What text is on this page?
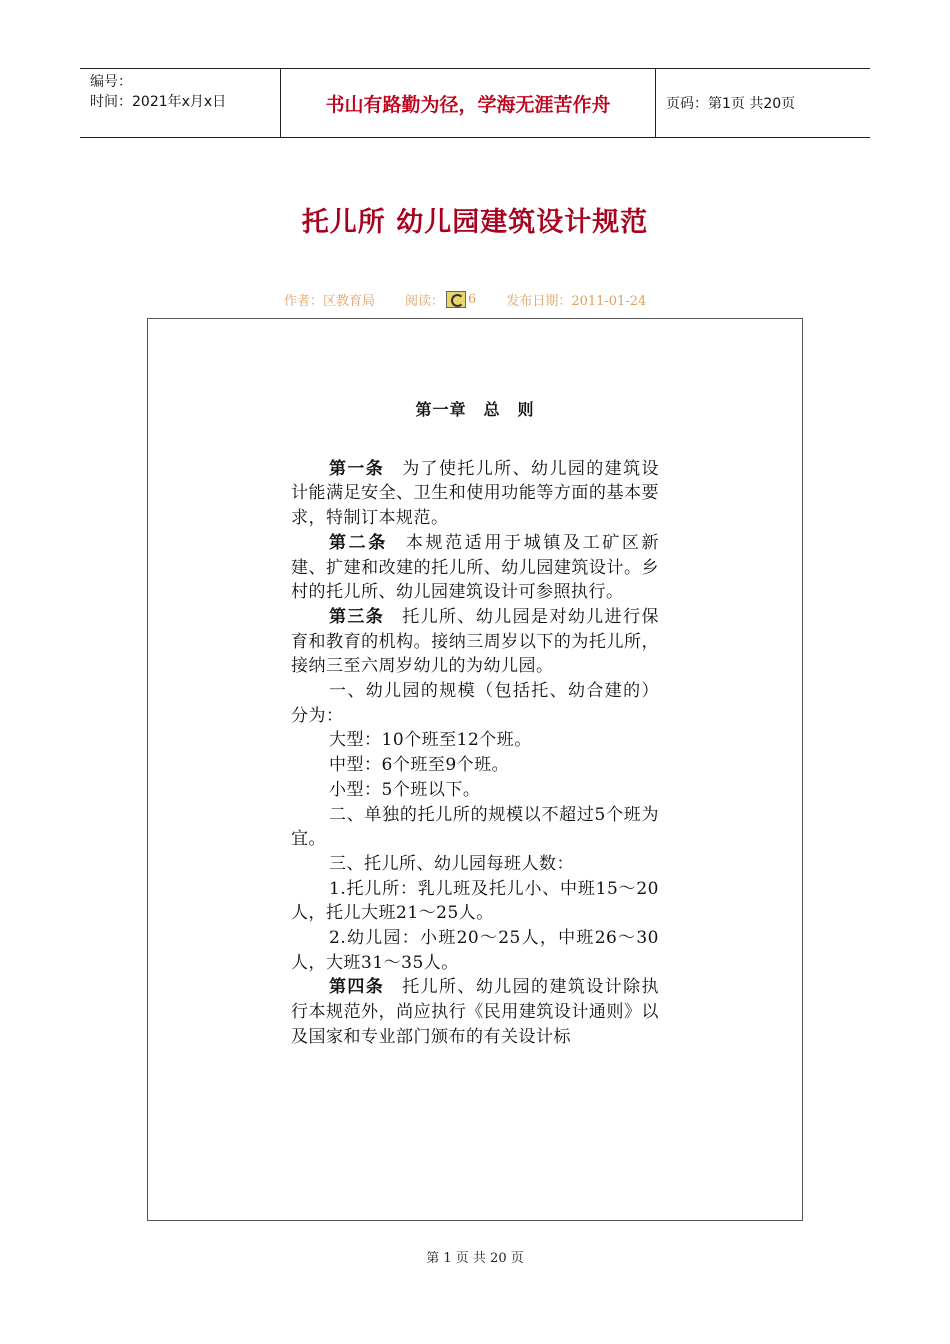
编号：
时间：2021年x月x日	书山有路勤为径，学海无涯苦作舟	页码：第1页 共20页
托儿所 幼儿园建筑设计规范
作者：区教育局 阅读： 6 发布日期：2011-01-24
第一章　总　则

第一条 为了使托儿所、幼儿园的建筑设计能满足安全、卫生和使用功能等方面的基本要求，特制订本规范。

第二条 本规范适用于城镇及工矿区新建、扩建和改建的托儿所、幼儿园建筑设计。乡村的托儿所、幼儿园建筑设计可参照执行。

第三条 托儿所、幼儿园是对幼儿进行保育和教育的机构。接纳三周岁以下的为托儿所，接纳三至六周岁幼儿的为幼儿园。

一、幼儿园的规模（包括托、幼合建的）分为：

大型：10个班至12个班。

中型：6个班至9个班。

小型：5个班以下。

二、单独的托儿所的规模以不超过5个班为宜。

三、托儿所、幼儿园每班人数：

1.托儿所：乳儿班及托儿小、中班15～20人，托儿大班21～25人。

2.幼儿园：小班20～25人，中班26～30人，大班31～35人。

第四条 托儿所、幼儿园的建筑设计除执行本规范外，尚应执行《民用建筑设计通则》以及国家和专业部门颁布的有关设计标

第 1 页 共 20 页
